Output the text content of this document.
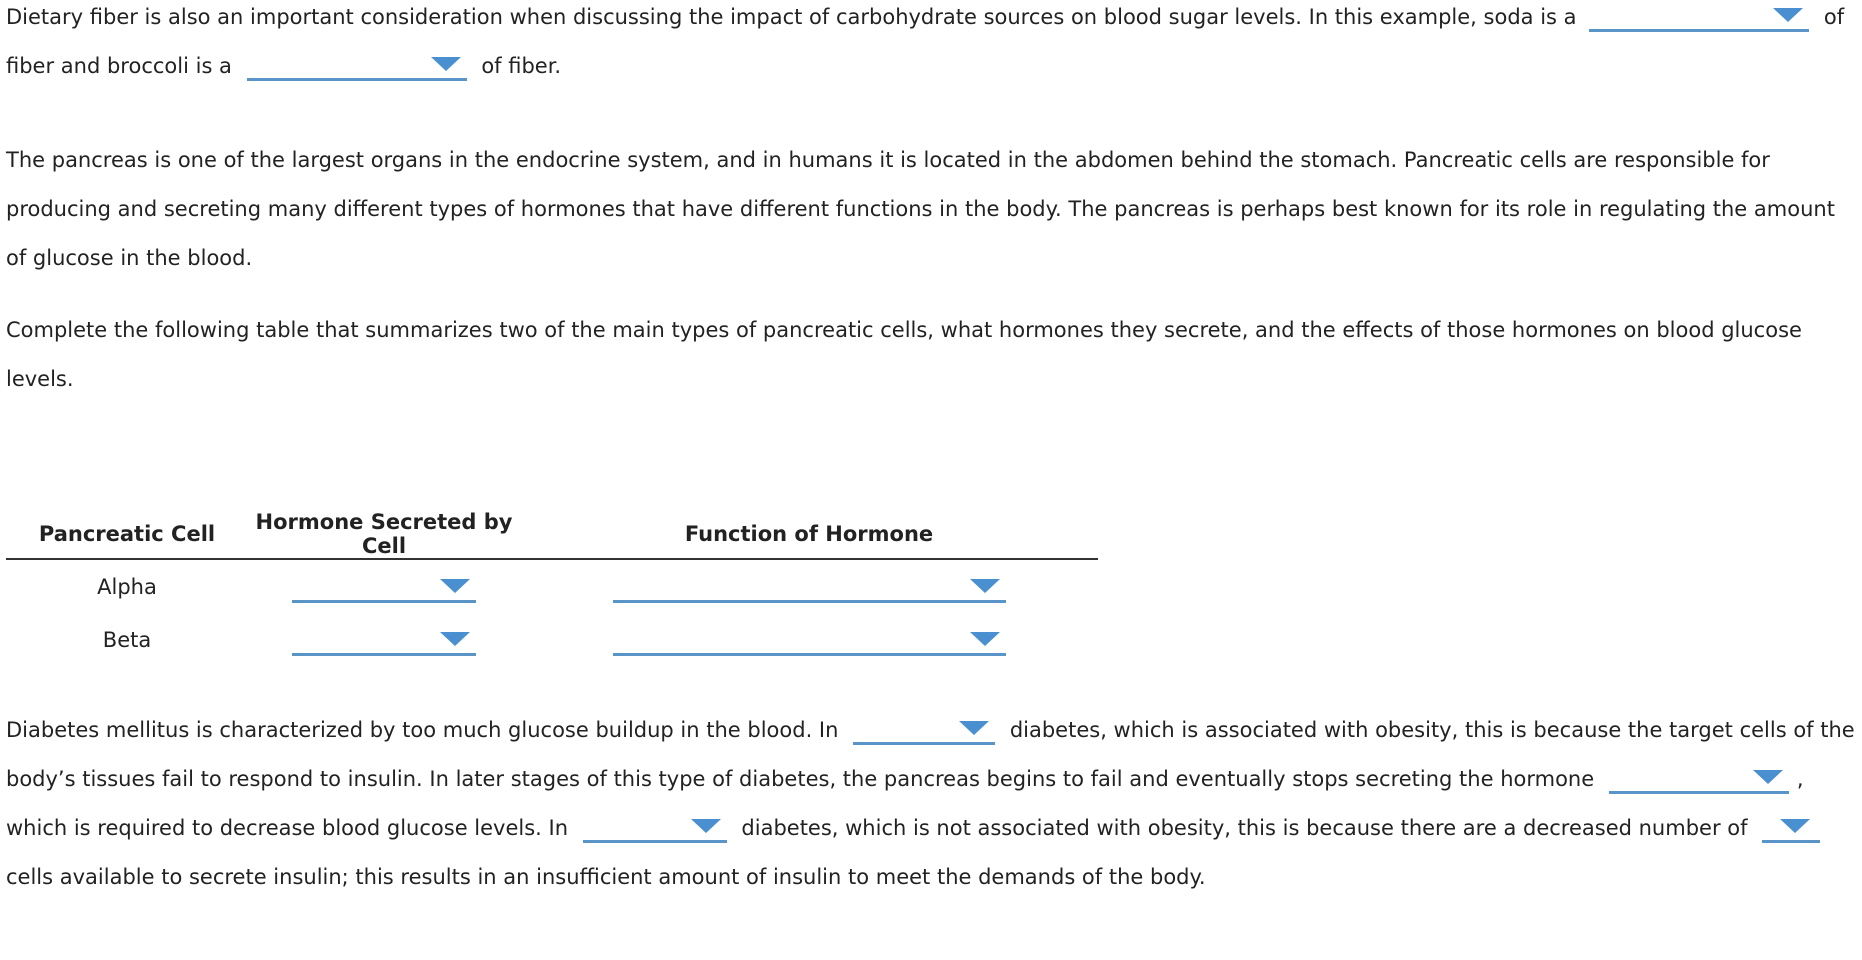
Dietary fiber is also an important consideration when discussing the impact of carbohydrate sources on blood sugar levels. In this example, soda is a	of fiber and broccoli is a	of fiber.

The pancreas is one of the largest organs in the endocrine system, and in humans it is located in the abdomen behind the stomach. Pancreatic cells are responsible for producing and secreting many different types of hormones that have different functions in the body. The pancreas is perhaps best known for its role in regulating the amount of glucose in the blood.

Complete the following table that summarizes two of the main types of pancreatic cells, what hormones they secrete, and the effects of those hormones on blood glucose levels.

Pancreatic Cell	Hormone Secreted by Cell	Function of Hormone
Alpha	

Beta	

Diabetes mellitus is characterized by too much glucose buildup in the blood. In	diabetes, which is associated with obesity, this is because the target cells of the body’s tissues fail to respond to insulin. In later stages of this type of diabetes, the pancreas begins to fail and eventually stops secreting the hormone	, which is required to decrease blood glucose levels. In	diabetes, which is not associated with obesity, this is because there are a decreased number of
cells available to secrete insulin; this results in an insufficient amount of insulin to meet the demands of the body.
